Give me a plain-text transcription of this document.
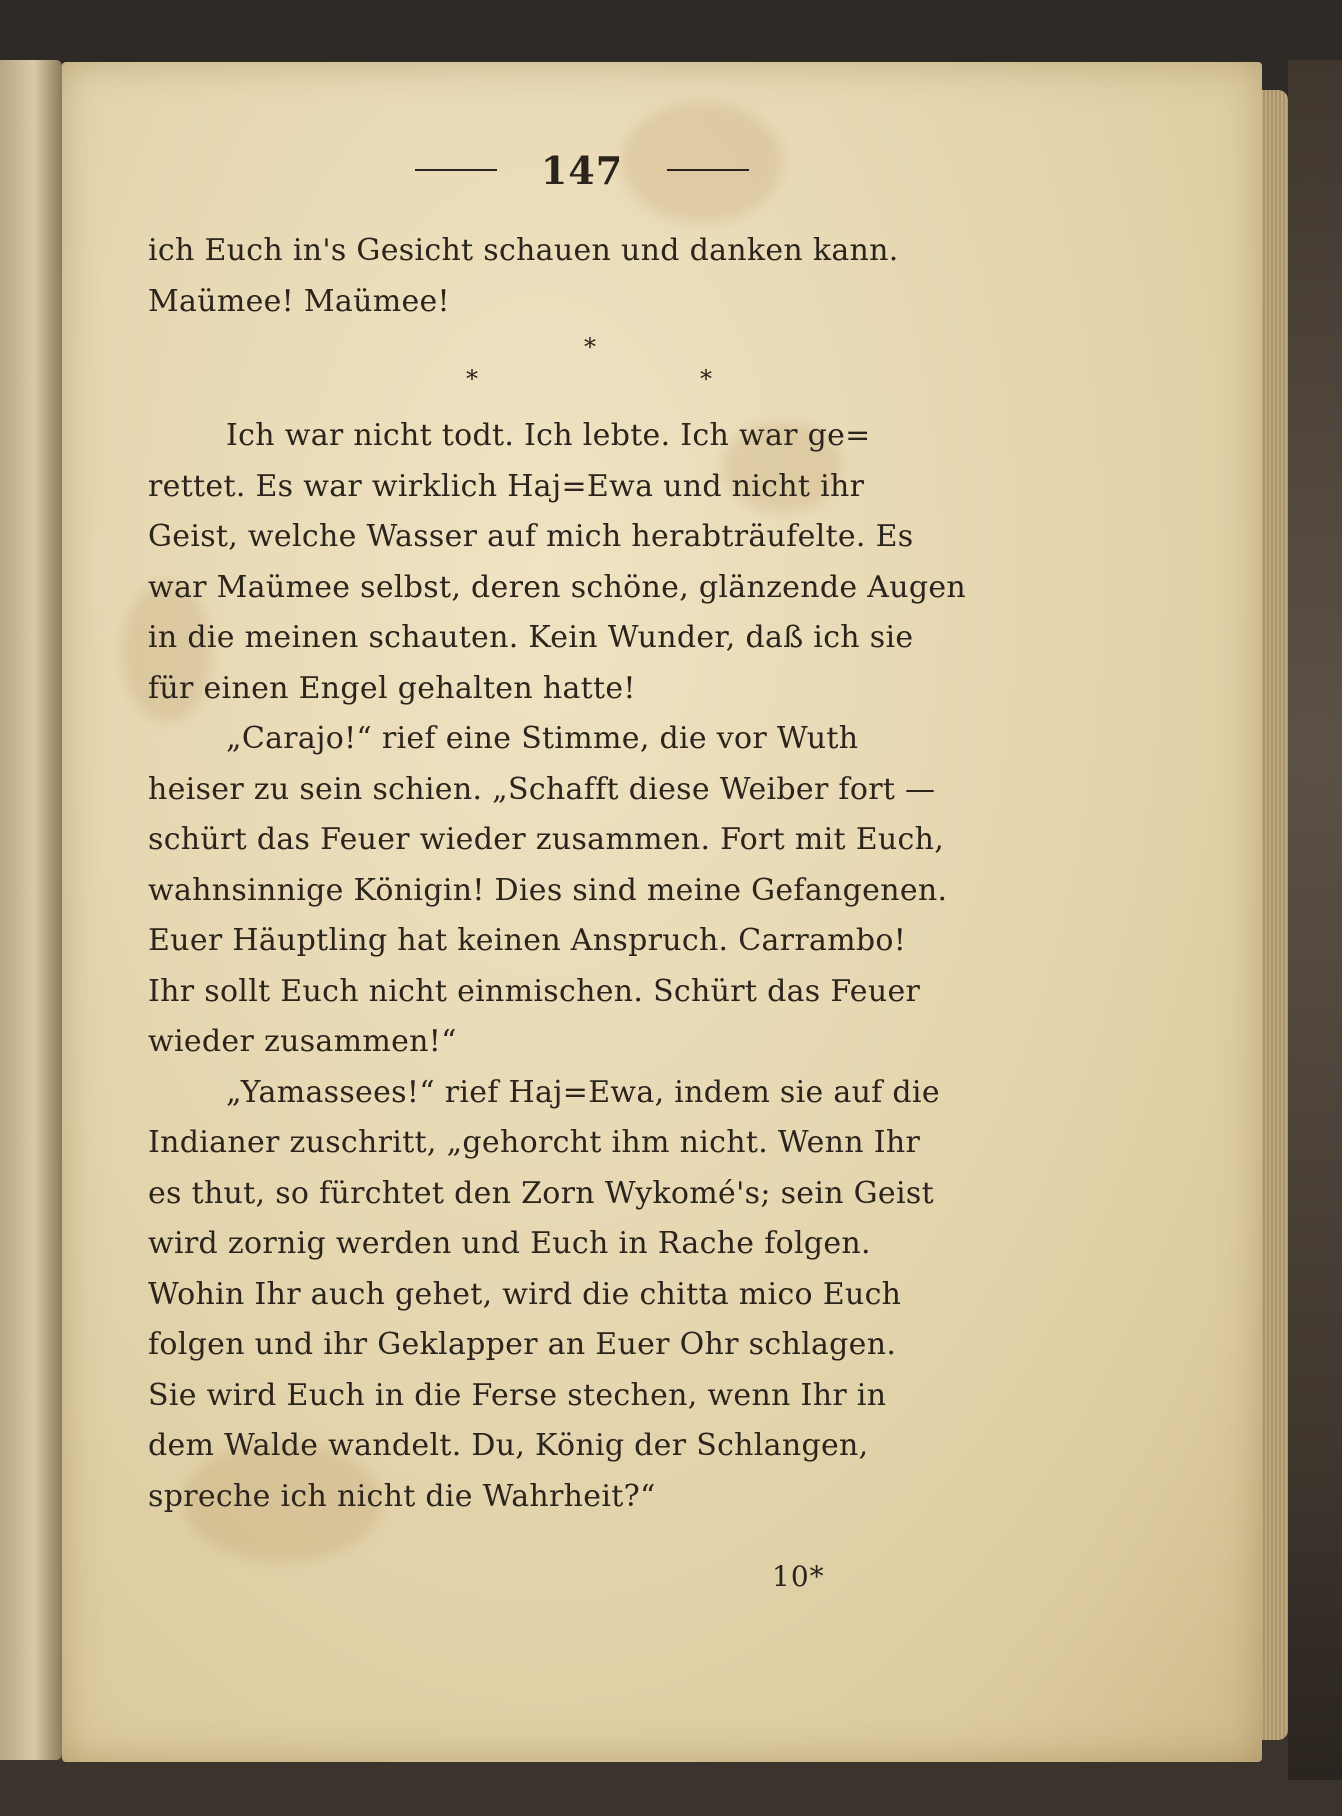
147
ich Euch in's Gesicht schauen und danken kann.
Maümee! Maümee!
*
*	*
Ich war nicht todt. Ich lebte. Ich war ge=
rettet. Es war wirklich Haj=Ewa und nicht ihr
Geist, welche Wasser auf mich herabträufelte. Es
war Maümee selbst, deren schöne, glänzende Augen
in die meinen schauten. Kein Wunder, daß ich sie
für einen Engel gehalten hatte!
„Carajo!“ rief eine Stimme, die vor Wuth
heiser zu sein schien. „Schafft diese Weiber fort —
schürt das Feuer wieder zusammen. Fort mit Euch,
wahnsinnige Königin! Dies sind meine Gefangenen.
Euer Häuptling hat keinen Anspruch. Carrambo!
Ihr sollt Euch nicht einmischen. Schürt das Feuer
wieder zusammen!“
„Yamassees!“ rief Haj=Ewa, indem sie auf die
Indianer zuschritt, „gehorcht ihm nicht. Wenn Ihr
es thut, so fürchtet den Zorn Wykomé's; sein Geist
wird zornig werden und Euch in Rache folgen.
Wohin Ihr auch gehet, wird die chitta mico Euch
folgen und ihr Geklapper an Euer Ohr schlagen.
Sie wird Euch in die Ferse stechen, wenn Ihr in
dem Walde wandelt. Du, König der Schlangen,
spreche ich nicht die Wahrheit?“
10*
